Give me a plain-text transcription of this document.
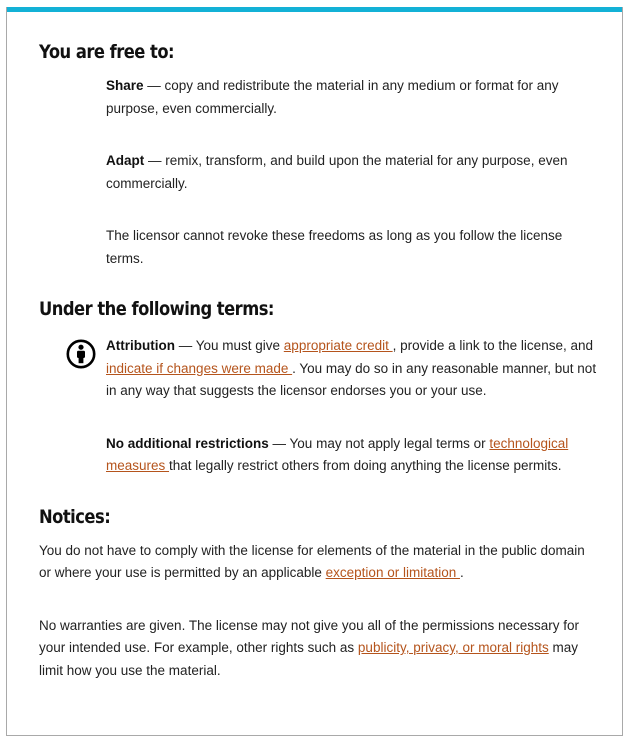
You are free to:

Share — copy and redistribute the material in any medium or format for any purpose, even commercially.

Adapt — remix, transform, and build upon the material for any purpose, even commercially.

The licensor cannot revoke these freedoms as long as you follow the license terms.

Under the following terms:

Attribution — You must give appropriate credit , provide a link to the license, and indicate if changes were made . You may do so in any reasonable manner, but not in any way that suggests the licensor endorses you or your use.

No additional restrictions — You may not apply legal terms or technological measures that legally restrict others from doing anything the license permits.

Notices:

You do not have to comply with the license for elements of the material in the public domain or where your use is permitted by an applicable exception or limitation .

No warranties are given. The license may not give you all of the permissions necessary for your intended use. For example, other rights such as publicity, privacy, or moral rights may limit how you use the material.
